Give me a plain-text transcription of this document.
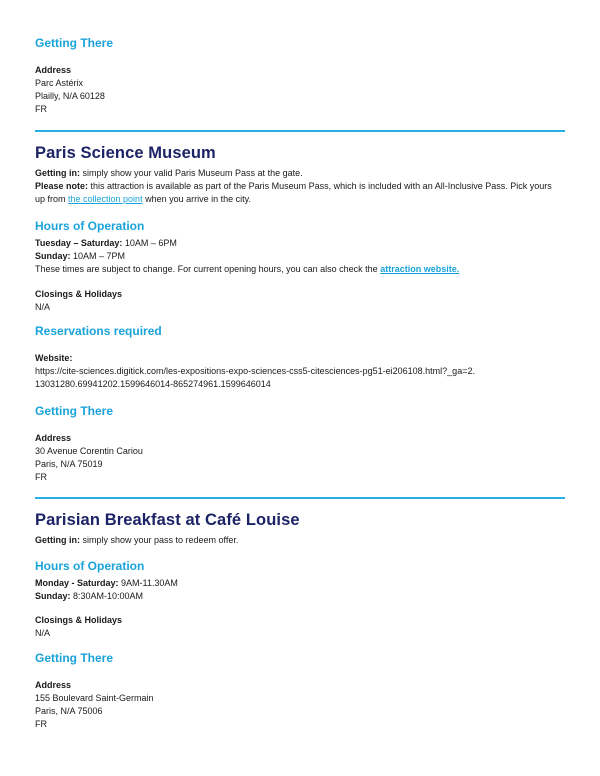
Getting There
Address
Parc Astérix
Plailly, N/A 60128
FR
Paris Science Museum
Getting in: simply show your valid Paris Museum Pass at the gate.
Please note: this attraction is available as part of the Paris Museum Pass, which is included with an All-Inclusive Pass. Pick yours
up from the collection point when you arrive in the city.
Hours of Operation
Tuesday – Saturday: 10AM – 6PM
Sunday: 10AM – 7PM
These times are subject to change. For current opening hours, you can also check the attraction website.
Closings & Holidays
N/A
Reservations required
Website:
https://cite-sciences.digitick.com/les-expositions-expo-sciences-css5-citesciences-pg51-ei206108.html?_ga=2.
13031280.69941202.1599646014-865274961.1599646014
Getting There
Address
30 Avenue Corentin Cariou
Paris, N/A 75019
FR
Parisian Breakfast at Café Louise
Getting in: simply show your pass to redeem offer.
Hours of Operation
Monday - Saturday: 9AM-11.30AM
Sunday: 8:30AM-10:00AM
Closings & Holidays
N/A
Getting There
Address
155 Boulevard Saint-Germain
Paris, N/A 75006
FR
